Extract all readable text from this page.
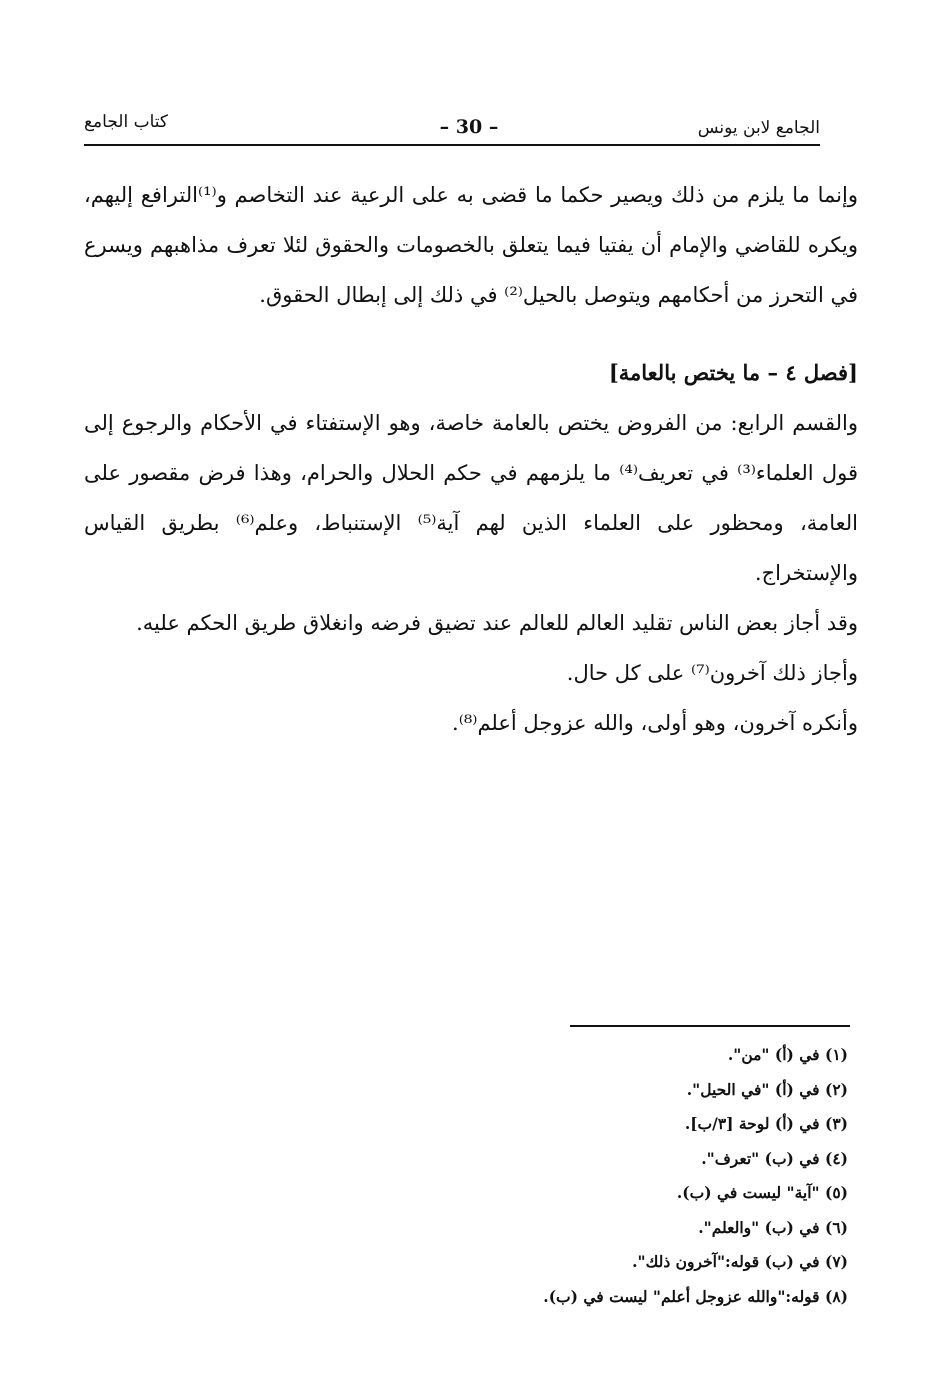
الجامع لابن يونس
– 30 –
كتاب الجامع

وإنما ما يلزم من ذلك ويصير حكما ما قضى به على الرعية عند التخاصم و⁽¹⁾الترافع إليهم، ويكره للقاضي والإمام أن يفتيا فيما يتعلق بالخصومات والحقوق لئلا تعرف مذاهبهم ويسرع في التحرز من أحكامهم ويتوصل بالحيل⁽²⁾ في ذلك إلى إبطال الحقوق.

[فصل ٤ – ما يختص بالعامة]

والقسم الرابع: من الفروض يختص بالعامة خاصة، وهو الإستفتاء في الأحكام والرجوع إلى قول العلماء⁽³⁾ في تعريف⁽⁴⁾ ما يلزمهم في حكم الحلال والحرام، وهذا فرض مقصور على العامة، ومحظور على العلماء الذين لهم آية⁽⁵⁾ الإستنباط، وعلم⁽⁶⁾ بطريق القياس والإستخراج.

وقد أجاز بعض الناس تقليد العالم للعالم عند تضيق فرضه وانغلاق طريق الحكم عليه.

وأجاز ذلك آخرون⁽⁷⁾ على كل حال.

وأنكره آخرون، وهو أولى، والله عزوجل أعلم⁽⁸⁾.

(١) في (أ) "من".

(٢) في (أ) "في الحيل".

(٣) في (أ) لوحة [٣/ب].

(٤) في (ب) "تعرف".

(٥) "آية" ليست في (ب).

(٦) في (ب) "والعلم".

(٧) في (ب) قوله:"آخرون ذلك".

(٨) قوله:"والله عزوجل أعلم" ليست في (ب).
